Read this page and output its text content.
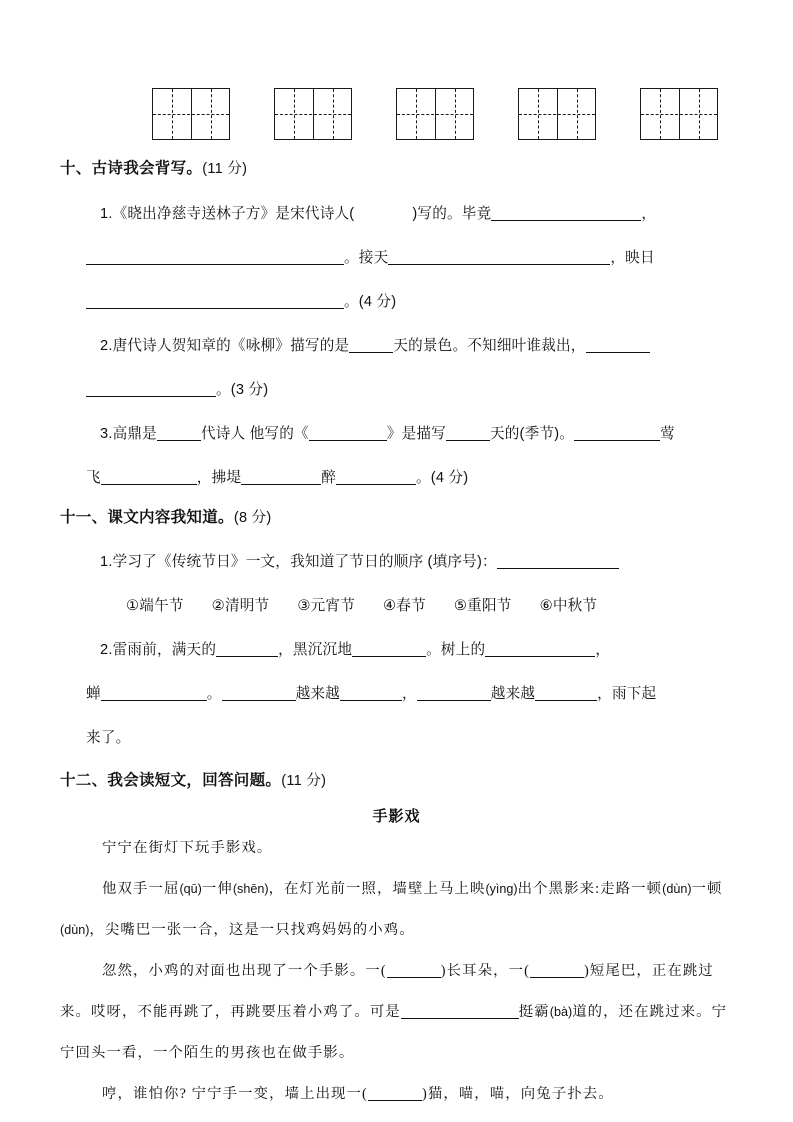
十、古诗我会背写。(11 分)
1.《晓出净慈寺送林子方》是宋代诗人(	)写的。毕竟	，
。接天	，映日
。(4 分)
2.唐代诗人贺知章的《咏柳》描写的是	天的景色。不知细叶谁裁出，
。(3 分)
3.高鼎是	代诗人 他写的《	》是描写	天的(季节)。	莺
飞	，拂堤	醉	。(4 分)
十一、课文内容我知道。(8 分)
1.学习了《传统节日》一文，我知道了节日的顺序 (填序号)：
①端午节 ②清明节 ③元宵节 ④春节 ⑤重阳节 ⑥中秋节
2.雷雨前，满天的	，黑沉沉地	。树上的	，
蝉	。	越来越	，	越来越	，雨下起
来了。
十二、我会读短文，回答问题。(11 分)
手影戏

宁宁在街灯下玩手影戏。

他双手一屈(qū)一伸(shēn)，在灯光前一照，墙壁上马上映(yìng)出个黑影来:走路一顿(dùn)一顿(dùn)，尖嘴巴一张一合，这是一只找鸡妈妈的小鸡。

忽然，小鸡的对面也出现了一个手影。一(	)长耳朵，一(	)短尾巴，正在跳过来。哎呀，不能再跳了，再跳要压着小鸡了。可是	挺霸(bà)道的，还在跳过来。宁宁回头一看，一个陌生的男孩也在做手影。

哼，谁怕你? 宁宁手一变，墙上出现一(	)猫，喵，喵，向兔子扑去。
